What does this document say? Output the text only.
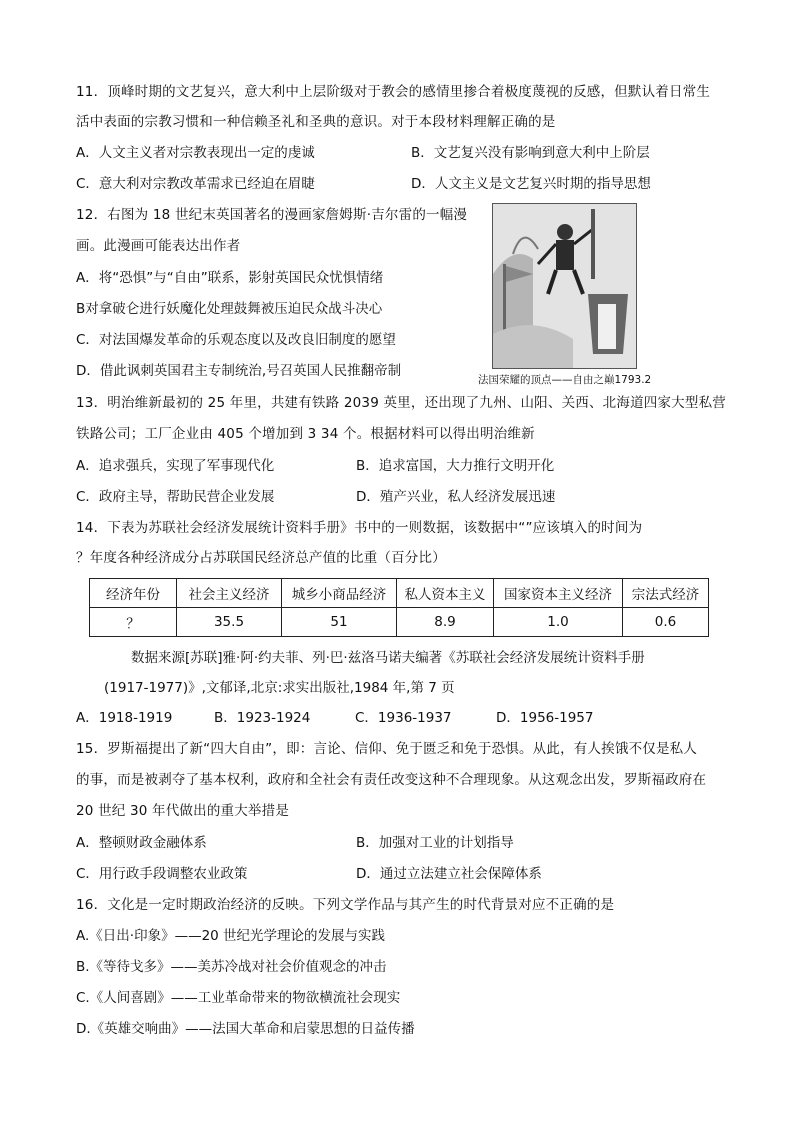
11．顶峰时期的文艺复兴，意大利中上层阶级对于教会的感情里掺合着极度蔑视的反感，但默认着日常生
活中表面的宗教习惯和一种信赖圣礼和圣典的意识。对于本段材料理解正确的是
A．人文主义者对宗教表现出一定的虔诚	B．文艺复兴没有影响到意大利中上阶层
C．意大利对宗教改革需求已经迫在眉睫	D．人文主义是文艺复兴时期的指导思想
12．右图为 18 世纪末英国著名的漫画家詹姆斯·吉尔雷的一幅漫
画。此漫画可能表达出作者
A．将“恐惧”与“自由”联系，影射英国民众忧惧情绪
B对拿破仑进行妖魔化处理鼓舞被压迫民众战斗决心
C．对法国爆发革命的乐观态度以及改良旧制度的愿望
D．借此讽刺英国君主专制统治,号召英国人民推翻帝制
法国荣耀的顶点——自由之巅1793.2
13．明治维新最初的 25 年里，共建有铁路 2039 英里，还出现了九州、山阳、关西、北海道四家大型私营
铁路公司；工厂企业由 405 个增加到 3 34 个。根据材料可以得出明治维新
A．追求强兵，实现了军事现代化	B．追求富国，大力推行文明开化
C．政府主导，帮助民营企业发展	D．殖产兴业，私人经济发展迅速
14．下表为苏联社会经济发展统计资料手册》书中的一则数据，该数据中“”应该填入的时间为
？年度各种经济成分占苏联国民经济总产值的比重（百分比）
经济年份	社会主义经济	城乡小商品经济	私人资本主义	国家资本主义经济	宗法式经济
？	35.5	51	8.9	1.0	0.6
数据来源[苏联]雅·阿·约夫菲、列·巴·兹洛马诺夫编著《苏联社会经济发展统计资料手册
(1917-1977)》,文郁译,北京:求实出版社,1984 年,第 7 页
A．1918-1919	B．1923-1924	C．1936-1937	D．1956-1957
15．罗斯福提出了新“四大自由”，即：言论、信仰、免于匮乏和免于恐惧。从此，有人挨饿不仅是私人
的事，而是被剥夺了基本权利，政府和全社会有责任改变这种不合理现象。从这观念出发，罗斯福政府在
20 世纪 30 年代做出的重大举措是
A．整顿财政金融体系	B．加强对工业的计划指导
C．用行政手段调整农业政策	D．通过立法建立社会保障体系
16．文化是一定时期政治经济的反映。下列文学作品与其产生的时代背景对应不正确的是
A.《日出·印象》——20 世纪光学理论的发展与实践
B.《等待戈多》——美苏冷战对社会价值观念的冲击
C.《人间喜剧》——工业革命带来的物欲横流社会现实
D.《英雄交响曲》——法国大革命和启蒙思想的日益传播
